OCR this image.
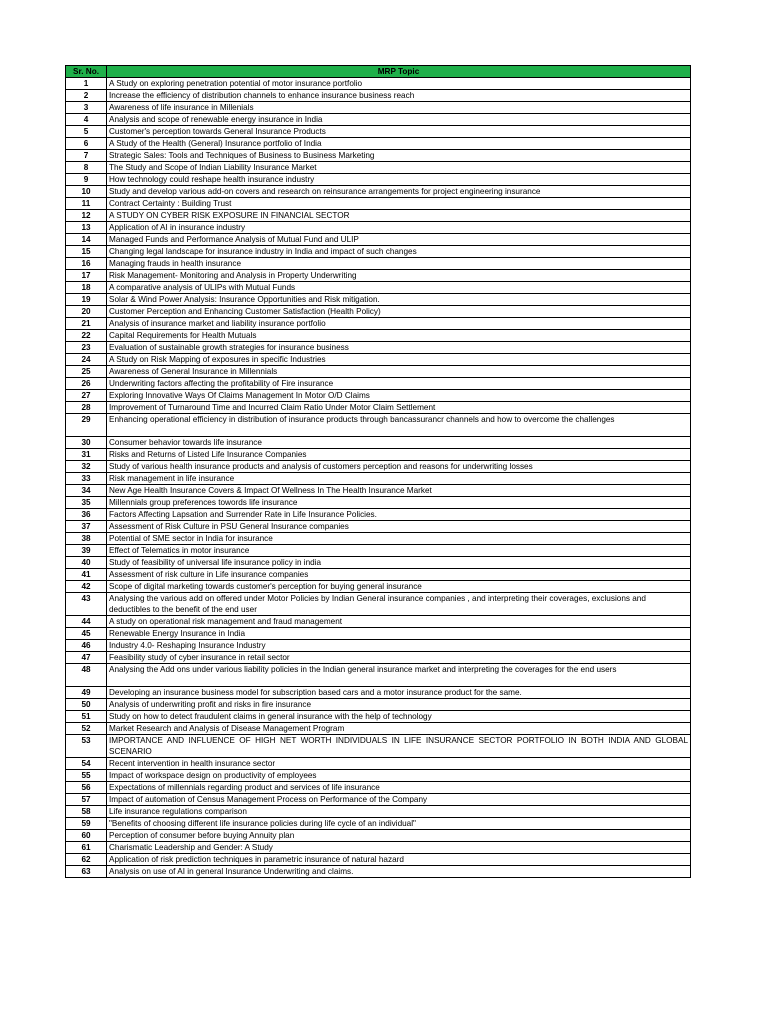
Sr. No.	MRP Topic
1	A Study on exploring penetration potential of motor insurance portfolio
2	Increase the efficiency of distribution channels to enhance insurance business reach
3	Awareness of life insurance in Millenials
4	Analysis and scope of renewable energy insurance in India
5	Customer's perception towards General Insurance Products
6	A Study of the Health (General) Insurance portfolio of India
7	Strategic Sales: Tools and Techniques of Business to Business Marketing
8	The Study and Scope of Indian Liability Insurance Market
9	How technology could reshape health insurance industry
10	Study and develop various add-on covers and research on reinsurance arrangements for project engineering insurance
11	Contract Certainty : Building Trust
12	A STUDY ON CYBER RISK EXPOSURE IN FINANCIAL SECTOR
13	Application of AI in insurance industry
14	Managed Funds and Performance Analysis of Mutual Fund and ULIP
15	Changing legal landscape for insurance industry in India and impact of such changes
16	Managing frauds in health insurance
17	Risk Management- Monitoring and Analysis in Property Underwriting
18	A comparative analysis of ULIPs with Mutual Funds
19	Solar & Wind Power Analysis: Insurance Opportunities and Risk mitigation.
20	Customer Perception and Enhancing Customer Satisfaction (Health Policy)
21	Analysis of insurance market and liability insurance portfolio
22	Capital Requirements for Health Mutuals
23	Evaluation of sustainable growth strategies for insurance business
24	A Study on Risk Mapping of exposures in specific Industries
25	Awareness of General Insurance in Millennials
26	Underwriting factors affecting the profitability of Fire insurance
27	Exploring Innovative Ways Of Claims Management In Motor O/D Claims
28	Improvement of Turnaround Time and Incurred Claim Ratio Under Motor Claim Settlement
29	Enhancing operational efficiency in distribution of insurance products through bancassurancr channels and how to overcome the challenges
30	Consumer behavior towards life insurance
31	Risks and Returns of Listed Life Insurance Companies
32	Study of various health insurance products and analysis of customers perception and reasons for underwriting losses
33	Risk management in life insurance
34	New Age Health Insurance Covers & Impact Of Wellness In The Health Insurance Market
35	Millennials group preferences towords life insurance
36	Factors Affecting Lapsation and Surrender Rate in Life Insurance Policies.
37	Assessment of Risk Culture in PSU General Insurance companies
38	Potential of SME sector in India for insurance
39	Effect of Telematics in motor insurance
40	Study of feasibility of universal life insurance policy in india
41	Assessment of risk culture in Life insurance companies
42	Scope of digital marketing towards customer's perception for buying general insurance
43	Analysing the various add on offered under Motor Policies by Indian General insurance companies , and interpreting their coverages, exclusions and deductibles to the benefit of the end user
44	A study on operational risk management and fraud management
45	Renewable Energy Insurance in India
46	Industry 4.0- Reshaping Insurance Industry
47	Feasibility study of cyber insurance in retail sector
48	Analysing the Add ons under various liability policies in the Indian general insurance market and interpreting the coverages for the end users
49	Developing an insurance business model for subscription based cars and a motor insurance product for the same.
50	Analysis of underwriting profit and risks in fire insurance
51	Study on how to detect fraudulent claims in general insurance with the help of technology
52	Market Research and Analysis of Disease Management Program
53	IMPORTANCE AND INFLUENCE OF HIGH NET WORTH INDIVIDUALS IN LIFE INSURANCE SECTOR PORTFOLIO IN BOTH INDIA AND GLOBAL SCENARIO
54	Recent intervention in health insurance sector
55	Impact of workspace design on productivity of employees
56	Expectations of millennials regarding product and services of life insurance
57	Impact of automation of Census Management Process on Performance of the Company
58	Life insurance regulations comparison
59	"Benefits of choosing different life insurance policies during life cycle of an individual"
60	Perception of consumer before buying Annuity plan
61	Charismatic Leadership and Gender: A Study
62	Application of risk prediction techniques in parametric insurance of natural hazard
63	Analysis on use of AI in general Insurance Underwriting and claims.
